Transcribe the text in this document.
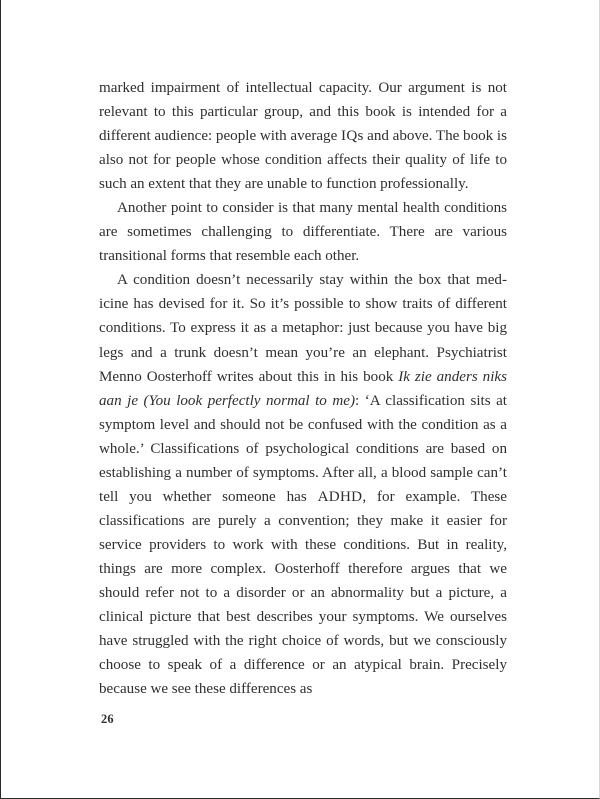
marked impairment of intellectual capacity. Our argument is not relevant to this particular group, and this book is intended for a different audience: people with average IQs and above. The book is also not for people whose condition affects their quality of life to such an extent that they are unable to function professionally.

Another point to consider is that many mental health conditions are sometimes challenging to differentiate. There are various transitional forms that resemble each other.

A condition doesn’t necessarily stay within the box that medicine has devised for it. So it’s possible to show traits of different conditions. To express it as a metaphor: just because you have big legs and a trunk doesn’t mean you’re an elephant. Psychiatrist Menno Oosterhoff writes about this in his book Ik zie anders niks aan je (You look perfectly normal to me): ‘A classification sits at symptom level and should not be confused with the condition as a whole.’ Classifications of psychological conditions are based on establishing a number of symptoms. After all, a blood sample can’t tell you whether someone has ADHD, for example. These classifications are purely a convention; they make it easier for service providers to work with these conditions. But in reality, things are more complex. Oosterhoff therefore argues that we should refer not to a disorder or an abnormality but a picture, a clinical picture that best describes your symptoms. We ourselves have struggled with the right choice of words, but we consciously choose to speak of a difference or an atypical brain. Precisely because we see these differences as

26
